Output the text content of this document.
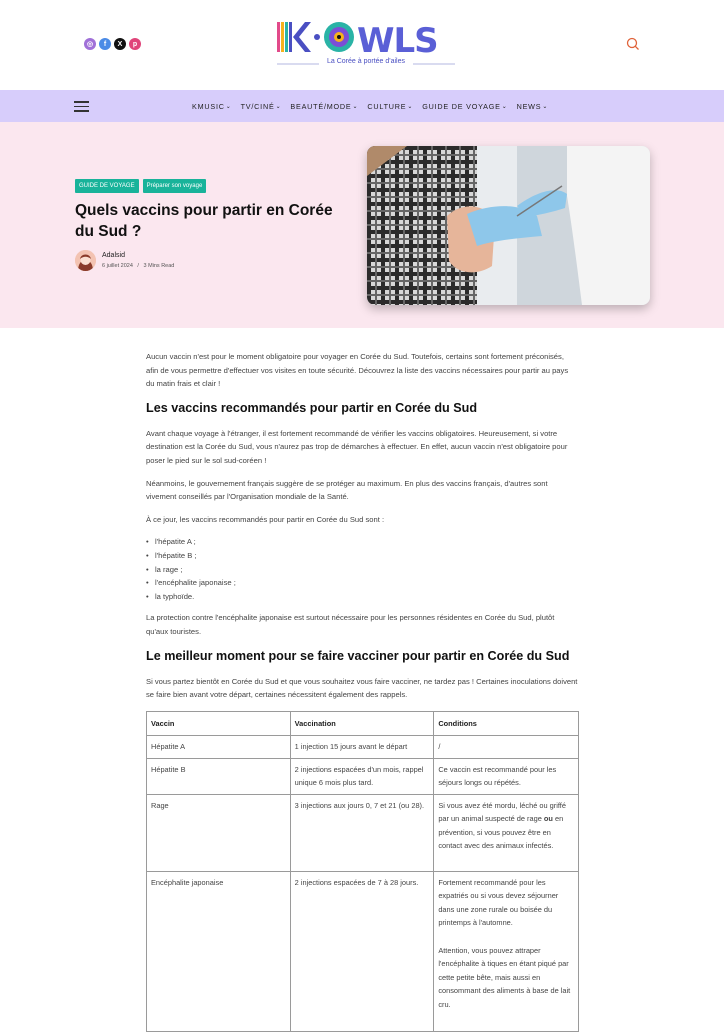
◎	f	X	p	WLS
La Corée à portée d'ailes
KMUSIC ⌄ TV/CINÉ ⌄ BEAUTÉ/MODE ⌄ CULTURE ⌄ GUIDE DE VOYAGE ⌄ NEWS ⌄
GUIDE DE VOYAGE	Préparer son voyage
Quels vaccins pour partir en Corée du Sud ?
Adalsid
6 juillet 2024 / 3 Mins Read

Aucun vaccin n'est pour le moment obligatoire pour voyager en Corée du Sud. Toutefois, certains sont fortement préconisés, afin de vous permettre d'effectuer vos visites en toute sécurité. Découvrez la liste des vaccins nécessaires pour partir au pays du matin frais et clair !

Les vaccins recommandés pour partir en Corée du Sud

Avant chaque voyage à l'étranger, il est fortement recommandé de vérifier les vaccins obligatoires. Heureusement, si votre destination est la Corée du Sud, vous n'aurez pas trop de démarches à effectuer. En effet, aucun vaccin n'est obligatoire pour poser le pied sur le sol sud-coréen !

Néanmoins, le gouvernement français suggère de se protéger au maximum. En plus des vaccins français, d'autres sont vivement conseillés par l'Organisation mondiale de la Santé.

À ce jour, les vaccins recommandés pour partir en Corée du Sud sont :

• l'hépatite A ;
• l'hépatite B ;
• la rage ;
• l'encéphalite japonaise ;
• la typhoïde.

La protection contre l'encéphalite japonaise est surtout nécessaire pour les personnes résidentes en Corée du Sud, plutôt qu'aux touristes.

Le meilleur moment pour se faire vacciner pour partir en Corée du Sud

Si vous partez bientôt en Corée du Sud et que vous souhaitez vous faire vacciner, ne tardez pas ! Certaines inoculations doivent se faire bien avant votre départ, certaines nécessitent également des rappels.

Vaccin	Vaccination	Conditions
Hépatite A	1 injection 15 jours avant le départ	/
Hépatite B	2 injections espacées d'un mois, rappel unique 6 mois plus tard.	Ce vaccin est recommandé pour les séjours longs ou répétés.
Rage	3 injections aux jours 0, 7 et 21 (ou 28).	Si vous avez été mordu, léché ou griffé par un animal suspecté de rage ou en prévention, si vous pouvez être en contact avec des animaux infectés.
Encéphalite japonaise	2 injections espacées de 7 à 28 jours.	Fortement recommandé pour les expatriés ou si vous devez séjourner dans une zone rurale ou boisée du printemps à l'automne.
Attention, vous pouvez attraper l'encéphalite à tiques en étant piqué par cette petite bête, mais aussi en consommant des aliments à base de lait cru.
